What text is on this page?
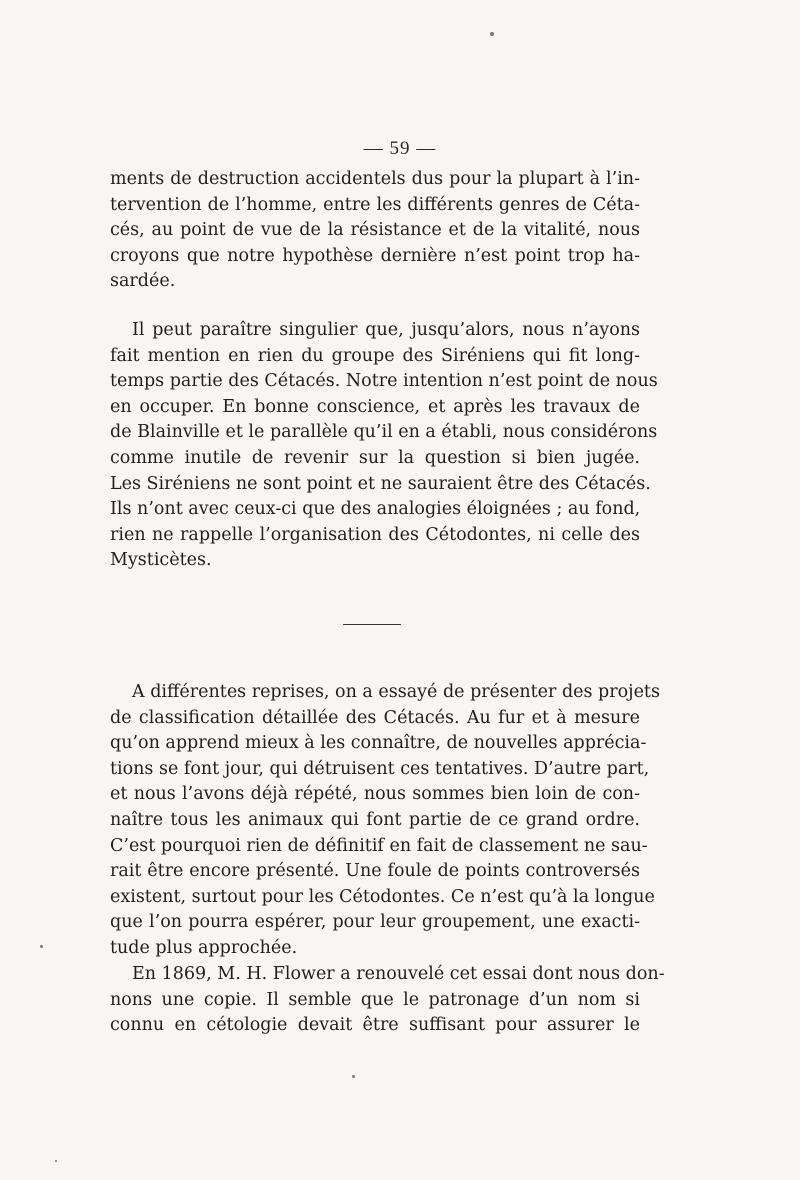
— 59 —
ments de destruction accidentels dus pour la plupart à l’in-
tervention de l’homme, entre les différents genres de Céta-
cés, au point de vue de la résistance et de la vitalité, nous
croyons que notre hypothèse dernière n’est point trop ha-
sardée.
Il peut paraître singulier que, jusqu’alors, nous n’ayons
fait mention en rien du groupe des Siréniens qui fit long-
temps partie des Cétacés. Notre intention n’est point de nous
en occuper. En bonne conscience, et après les travaux de
de Blainville et le parallèle qu’il en a établi, nous considérons
comme inutile de revenir sur la question si bien jugée.
Les Siréniens ne sont point et ne sauraient être des Cétacés.
Ils n’ont avec ceux-ci que des analogies éloignées ; au fond,
rien ne rappelle l’organisation des Cétodontes, ni celle des
Mysticètes.
A différentes reprises, on a essayé de présenter des projets
de classification détaillée des Cétacés. Au fur et à mesure
qu’on apprend mieux à les connaître, de nouvelles apprécia-
tions se font jour, qui détruisent ces tentatives. D’autre part,
et nous l’avons déjà répété, nous sommes bien loin de con-
naître tous les animaux qui font partie de ce grand ordre.
C’est pourquoi rien de définitif en fait de classement ne sau-
rait être encore présenté. Une foule de points controversés
existent, surtout pour les Cétodontes. Ce n’est qu’à la longue
que l’on pourra espérer, pour leur groupement, une exacti-
tude plus approchée.
En 1869, M. H. Flower a renouvelé cet essai dont nous don-
nons une copie. Il semble que le patronage d’un nom si
connu en cétologie devait être suffisant pour assurer le
